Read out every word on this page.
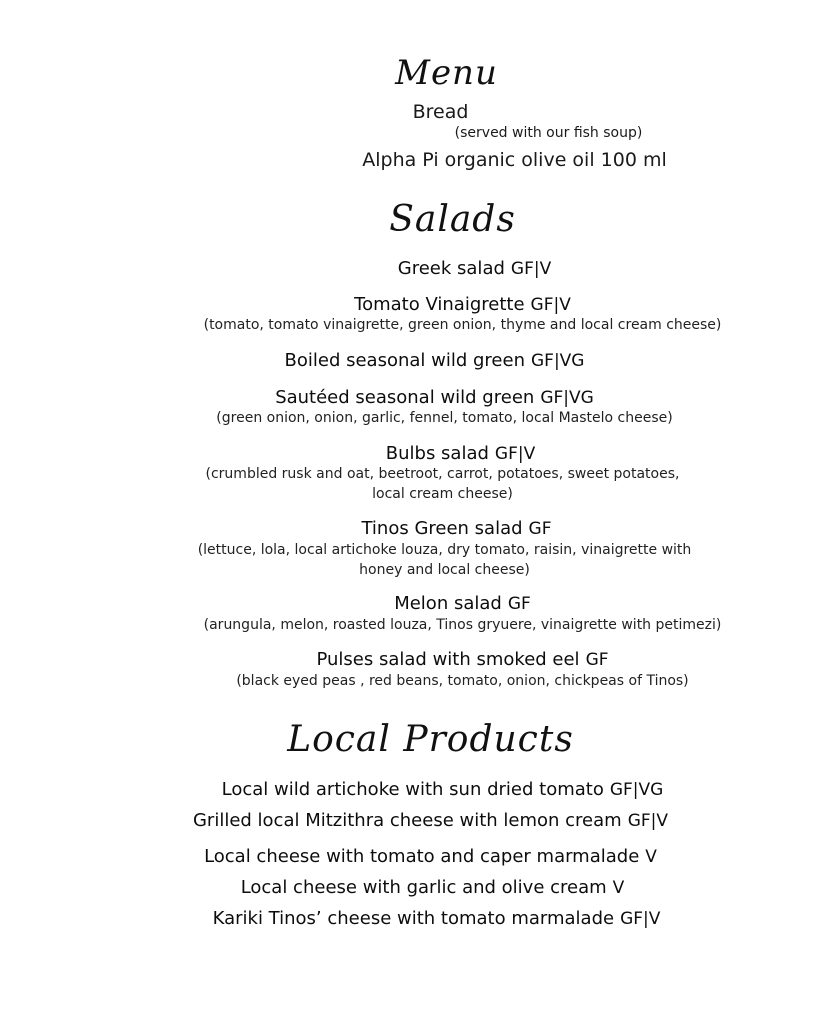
Menu
Bread
(served with our fish soup)
Alpha Pi organic olive oil 100 ml
Salads
Greek salad GF|V
Tomato Vinaigrette GF|V
(tomato, tomato vinaigrette, green onion, thyme and local cream cheese)
Boiled seasonal wild green GF|VG
Sautéed seasonal wild green GF|VG
(green onion, onion, garlic, fennel, tomato, local Mastelo cheese)
Bulbs salad GF|V
(crumbled rusk and oat, beetroot, carrot, potatoes, sweet potatoes,
local cream cheese)
Tinos Green salad GF
(lettuce, lola, local artichoke louza, dry tomato, raisin, vinaigrette with
honey and local cheese)
Melon salad GF
(arungula, melon, roasted louza, Tinos gryuere, vinaigrette with petimezi)
Pulses salad with smoked eel GF
(black eyed peas , red beans, tomato, onion, chickpeas of Tinos)
Local Products
Local wild artichoke with sun dried tomato GF|VG
Grilled local Mitzithra cheese with lemon cream GF|V
Local cheese with tomato and caper marmalade V
Local cheese with garlic and olive cream V
Kariki Tinos’ cheese with tomato marmalade GF|V
